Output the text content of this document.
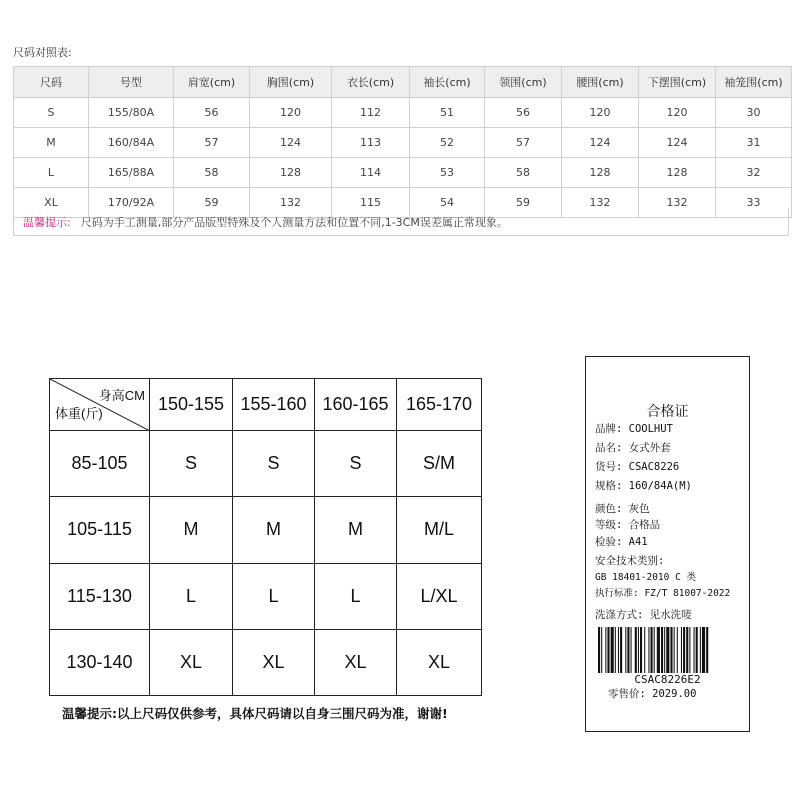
尺码对照表:
尺码	号型	肩宽(cm)	胸围(cm)	衣长(cm)	袖长(cm)	领围(cm)	腰围(cm)	下摆围(cm)	袖笼围(cm)
S	155/80A	56	120	112	51	56	120	120	30
M	160/84A	57	124	113	52	57	124	124	31
L	165/88A	58	128	114	53	58	128	128	32
XL	170/92A	59	132	115	54	59	132	132	33
温馨提示: 尺码为手工测量,部分产品版型特殊及个人测量方法和位置不同,1-3CM误差属正常现象。
身高CM
体重(斤)	150-155	155-160	160-165	165-170
85-105	S	S	S	S/M
105-115	M	M	M	M/L
115-130	L	L	L	L/XL
130-140	XL	XL	XL	XL
温馨提示:以上尺码仅供参考，具体尺码请以自身三围尺码为准，谢谢!
合格证
品牌: COOLHUT
品名: 女式外套
货号: CSAC8226
规格: 160/84A(M)
颜色: 灰色
等级: 合格品
检验: A41
安全技术类别:
GB 18401-2010 C 类
执行标准: FZ/T 81007-2022
洗涤方式: 见水洗唛
CSAC8226E2
零售价: 2029.00
